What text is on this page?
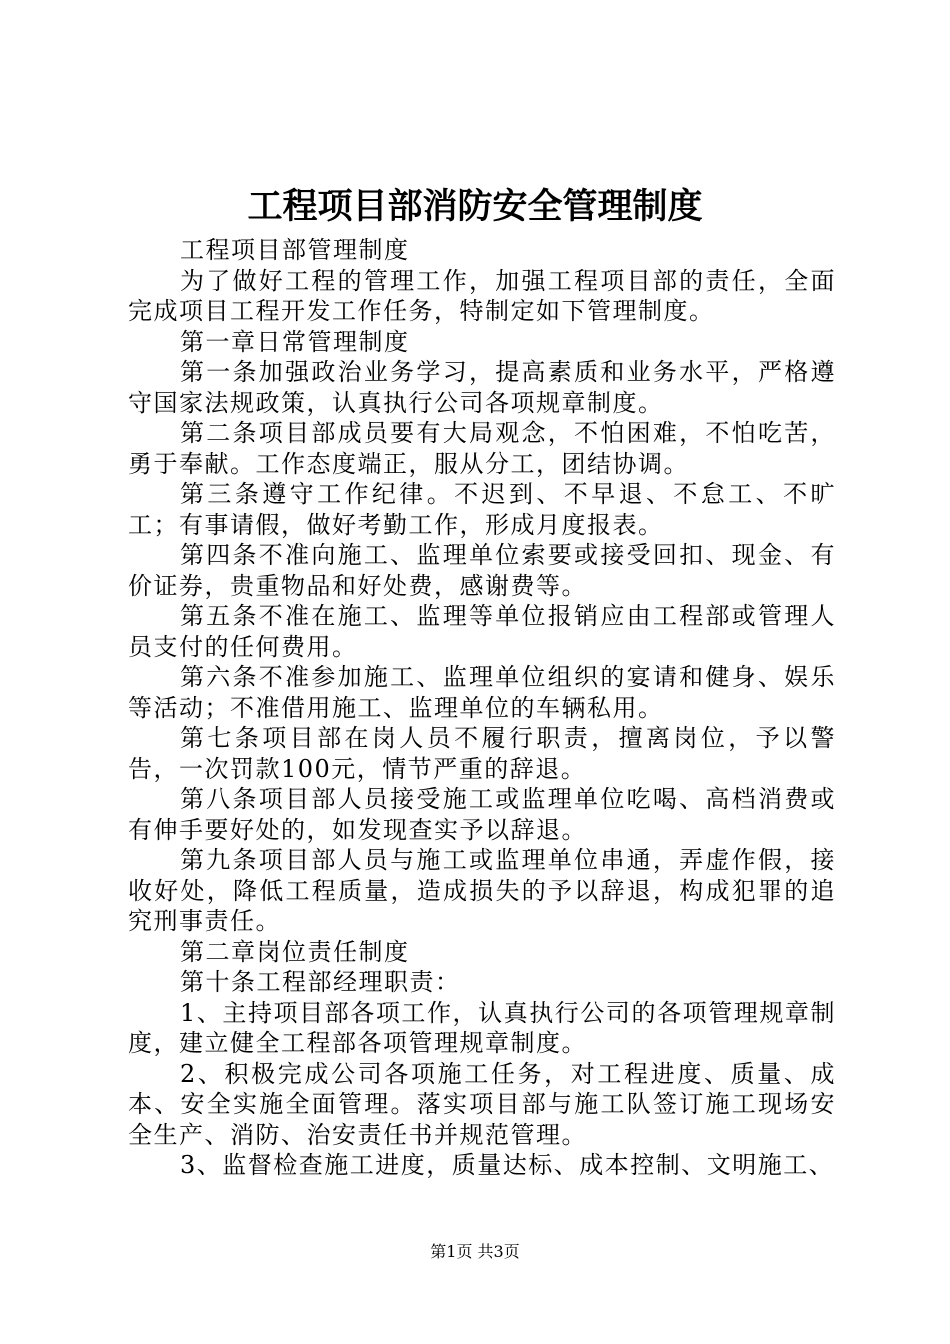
工程项目部消防安全管理制度

工程项目部管理制度

为了做好工程的管理工作，加强工程项目部的责任，全面完成项目工程开发工作任务，特制定如下管理制度。

第一章日常管理制度

第一条加强政治业务学习，提高素质和业务水平，严格遵守国家法规政策，认真执行公司各项规章制度。

第二条项目部成员要有大局观念，不怕困难，不怕吃苦，勇于奉献。工作态度端正，服从分工，团结协调。

第三条遵守工作纪律。不迟到、不早退、不怠工、不旷工；有事请假，做好考勤工作，形成月度报表。

第四条不准向施工、监理单位索要或接受回扣、现金、有价证券，贵重物品和好处费，感谢费等。

第五条不准在施工、监理等单位报销应由工程部或管理人员支付的任何费用。

第六条不准参加施工、监理单位组织的宴请和健身、娱乐等活动；不准借用施工、监理单位的车辆私用。

第七条项目部在岗人员不履行职责，擅离岗位，予以警告，一次罚款100元，情节严重的辞退。

第八条项目部人员接受施工或监理单位吃喝、高档消费或有伸手要好处的，如发现查实予以辞退。

第九条项目部人员与施工或监理单位串通，弄虚作假，接收好处，降低工程质量，造成损失的予以辞退，构成犯罪的追究刑事责任。

第二章岗位责任制度

第十条工程部经理职责：

1、主持项目部各项工作，认真执行公司的各项管理规章制度，建立健全工程部各项管理规章制度。

2、积极完成公司各项施工任务，对工程进度、质量、成本、安全实施全面管理。落实项目部与施工队签订施工现场安全生产、消防、治安责任书并规范管理。

3、监督检查施工进度，质量达标、成本控制、文明施工、

第1页 共3页
